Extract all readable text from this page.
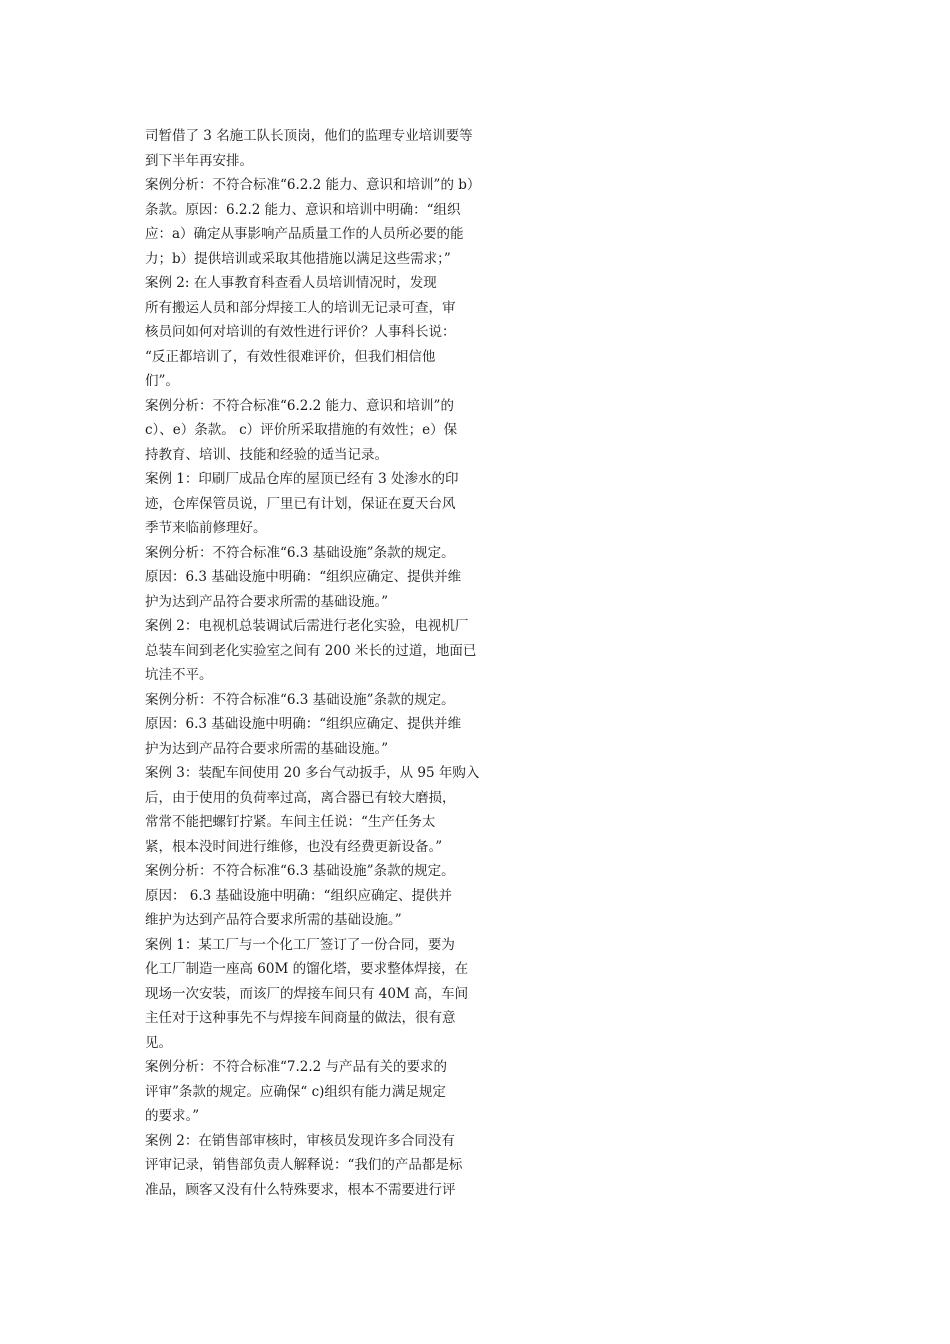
司暂借了 3 名施工队长顶岗，他们的监理专业培训要等
到下半年再安排。
案例分析：不符合标准“6.2.2 能力、意识和培训”的 b）
条款。原因：6.2.2 能力、意识和培训中明确：“组织
应：a）确定从事影响产品质量工作的人员所必要的能
力；b）提供培训或采取其他措施以满足这些需求；”
案例 2: 在人事教育科查看人员培训情况时，发现
所有搬运人员和部分焊接工人的培训无记录可查，审
核员问如何对培训的有效性进行评价？人事科长说：
“反正都培训了，有效性很难评价，但我们相信他
们”。
案例分析：不符合标准“6.2.2 能力、意识和培训”的
c）、e）条款。 c）评价所采取措施的有效性；e）保
持教育、培训、技能和经验的适当记录。
案例 1：印刷厂成品仓库的屋顶已经有 3 处渗水的印
迹，仓库保管员说，厂里已有计划，保证在夏天台风
季节来临前修理好。
案例分析：不符合标准“6.3 基础设施”条款的规定。
原因：6.3 基础设施中明确：“组织应确定、提供并维
护为达到产品符合要求所需的基础设施。”
案例 2：电视机总装调试后需进行老化实验，电视机厂
总装车间到老化实验室之间有 200 米长的过道，地面已
坑洼不平。
案例分析：不符合标准“6.3 基础设施”条款的规定。
原因：6.3 基础设施中明确：“组织应确定、提供并维
护为达到产品符合要求所需的基础设施。”
案例 3：装配车间使用 20 多台气动扳手，从 95 年购入
后，由于使用的负荷率过高，离合器已有较大磨损，
常常不能把螺钉拧紧。车间主任说：“生产任务太
紧，根本没时间进行维修，也没有经费更新设备。”
案例分析：不符合标准“6.3 基础设施”条款的规定。
原因： 6.3 基础设施中明确：“组织应确定、提供并
维护为达到产品符合要求所需的基础设施。”
案例 1：某工厂与一个化工厂签订了一份合同，要为
化工厂制造一座高 60M 的馏化塔，要求整体焊接，在
现场一次安装，而该厂的焊接车间只有 40M 高，车间
主任对于这种事先不与焊接车间商量的做法，很有意
见。
案例分析：不符合标准“7.2.2 与产品有关的要求的
评审”条款的规定。应确保“ c)组织有能力满足规定
的要求。”
案例 2：在销售部审核时，审核员发现许多合同没有
评审记录，销售部负责人解释说：“我们的产品都是标
准品，顾客又没有什么特殊要求，根本不需要进行评
